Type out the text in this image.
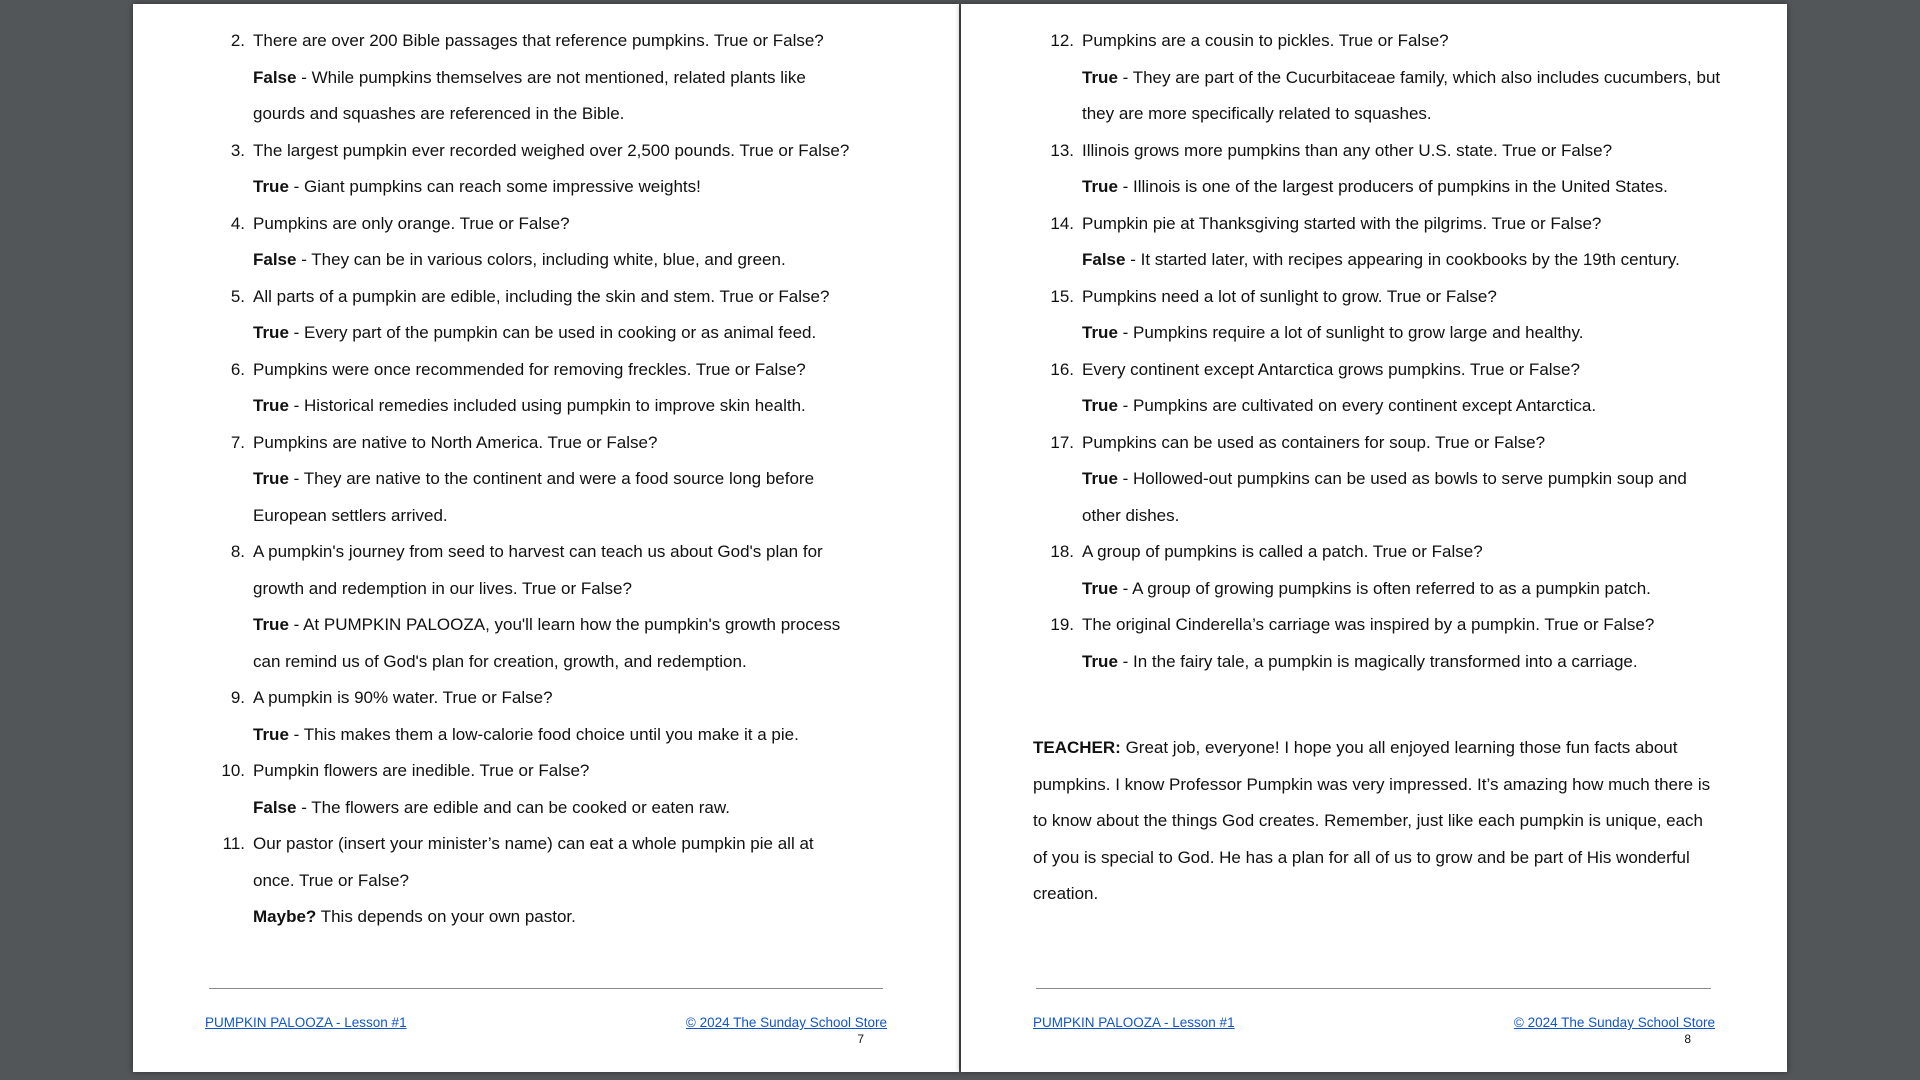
2. There are over 200 Bible passages that reference pumpkins. True or False?

False - While pumpkins themselves are not mentioned, related plants like gourds and squashes are referenced in the Bible.

3. The largest pumpkin ever recorded weighed over 2,500 pounds. True or False?

True - Giant pumpkins can reach some impressive weights!

4. Pumpkins are only orange. True or False?

False - They can be in various colors, including white, blue, and green.

5. All parts of a pumpkin are edible, including the skin and stem. True or False?

True - Every part of the pumpkin can be used in cooking or as animal feed.

6. Pumpkins were once recommended for removing freckles. True or False?

True - Historical remedies included using pumpkin to improve skin health.

7. Pumpkins are native to North America. True or False?

True - They are native to the continent and were a food source long before European settlers arrived.

8. A pumpkin's journey from seed to harvest can teach us about God's plan for growth and redemption in our lives. True or False?

True - At PUMPKIN PALOOZA, you'll learn how the pumpkin's growth process can remind us of God's plan for creation, growth, and redemption.

9. A pumpkin is 90% water. True or False?

True - This makes them a low-calorie food choice until you make it a pie.

10. Pumpkin flowers are inedible. True or False?

False - The flowers are edible and can be cooked or eaten raw.

11. Our pastor (insert your minister’s name) can eat a whole pumpkin pie all at once. True or False?

Maybe? This depends on your own pastor.

PUMPKIN PALOOZA - Lesson #1	© 2024 The Sunday School Store
7
12. Pumpkins are a cousin to pickles. True or False?

True - They are part of the Cucurbitaceae family, which also includes cucumbers, but they are more specifically related to squashes.

13. Illinois grows more pumpkins than any other U.S. state. True or False?

True - Illinois is one of the largest producers of pumpkins in the United States.

14. Pumpkin pie at Thanksgiving started with the pilgrims. True or False?

False - It started later, with recipes appearing in cookbooks by the 19th century.

15. Pumpkins need a lot of sunlight to grow. True or False?

True - Pumpkins require a lot of sunlight to grow large and healthy.

16. Every continent except Antarctica grows pumpkins. True or False?

True - Pumpkins are cultivated on every continent except Antarctica.

17. Pumpkins can be used as containers for soup. True or False?

True - Hollowed-out pumpkins can be used as bowls to serve pumpkin soup and other dishes.

18. A group of pumpkins is called a patch. True or False?

True - A group of growing pumpkins is often referred to as a pumpkin patch.

19. The original Cinderella’s carriage was inspired by a pumpkin. True or False?

True - In the fairy tale, a pumpkin is magically transformed into a carriage.

TEACHER: Great job, everyone! I hope you all enjoyed learning those fun facts about pumpkins. I know Professor Pumpkin was very impressed. It’s amazing how much there is to know about the things God creates. Remember, just like each pumpkin is unique, each of you is special to God. He has a plan for all of us to grow and be part of His wonderful creation.

PUMPKIN PALOOZA - Lesson #1	© 2024 The Sunday School Store
8
